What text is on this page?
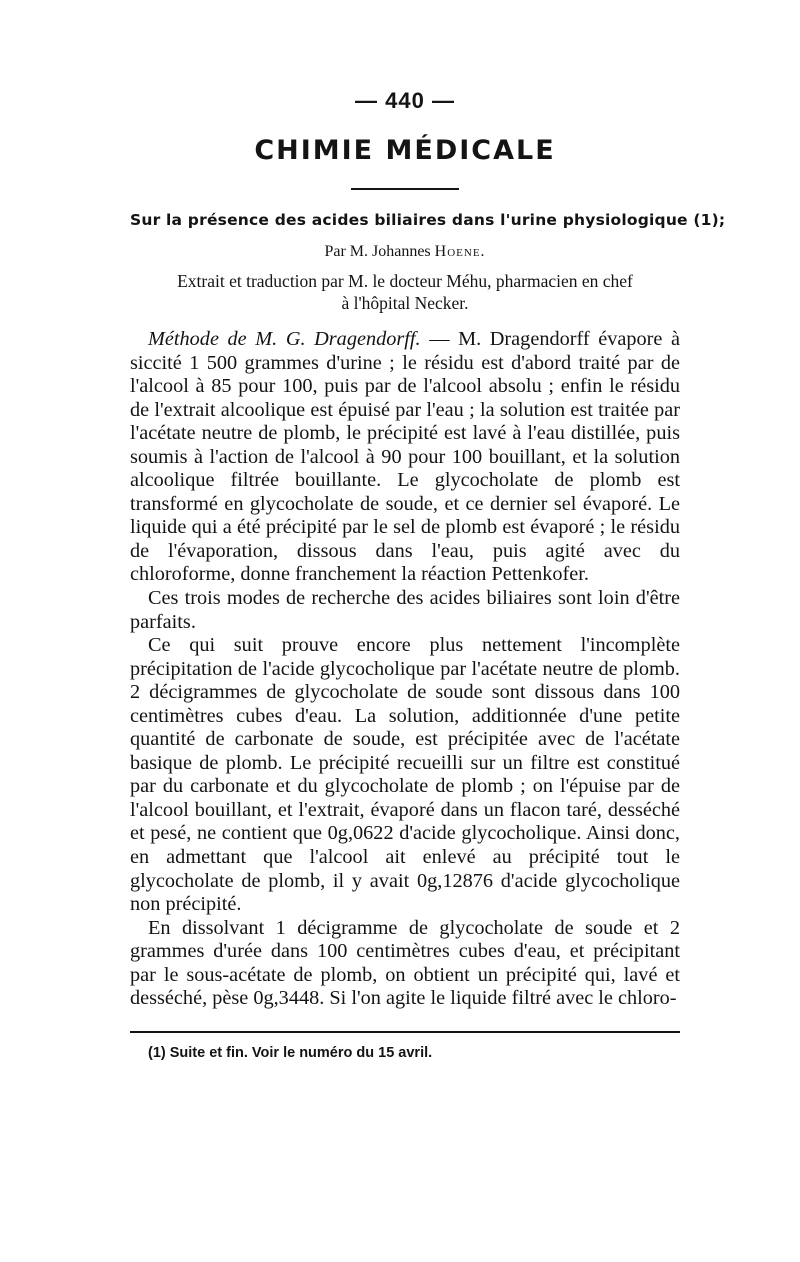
— 440 —
CHIMIE MÉDICALE
Sur la présence des acides biliaires dans l'urine physiologique (1);
Par M. Johannes Hoene.
Extrait et traduction par M. le docteur Méhu, pharmacien en chef
à l'hôpital Necker.

Méthode de M. G. Dragendorff. — M. Dragendorff évapore à siccité 1 500 grammes d'urine ; le résidu est d'abord traité par de l'alcool à 85 pour 100, puis par de l'alcool absolu ; enfin le résidu de l'extrait alcoolique est épuisé par l'eau ; la solution est traitée par l'acétate neutre de plomb, le précipité est lavé à l'eau distillée, puis soumis à l'action de l'alcool à 90 pour 100 bouillant, et la solution alcoolique filtrée bouillante. Le glycocholate de plomb est transformé en glycocholate de soude, et ce dernier sel évaporé. Le liquide qui a été précipité par le sel de plomb est évaporé ; le résidu de l'évaporation, dissous dans l'eau, puis agité avec du chloroforme, donne franchement la réaction Pettenkofer.

Ces trois modes de recherche des acides biliaires sont loin d'être parfaits.

Ce qui suit prouve encore plus nettement l'incomplète précipitation de l'acide glycocholique par l'acétate neutre de plomb. 2 décigrammes de glycocholate de soude sont dissous dans 100 centimètres cubes d'eau. La solution, additionnée d'une petite quantité de carbonate de soude, est précipitée avec de l'acétate basique de plomb. Le précipité recueilli sur un filtre est constitué par du carbonate et du glycocholate de plomb ; on l'épuise par de l'alcool bouillant, et l'extrait, évaporé dans un flacon taré, desséché et pesé, ne contient que 0g,0622 d'acide glycocholique. Ainsi donc, en admettant que l'alcool ait enlevé au précipité tout le glycocholate de plomb, il y avait 0g,12876 d'acide glycocholique non précipité.

En dissolvant 1 décigramme de glycocholate de soude et 2 grammes d'urée dans 100 centimètres cubes d'eau, et précipitant par le sous-acétate de plomb, on obtient un précipité qui, lavé et desséché, pèse 0g,3448. Si l'on agite le liquide filtré avec le chloro-

(1) Suite et fin. Voir le numéro du 15 avril.
